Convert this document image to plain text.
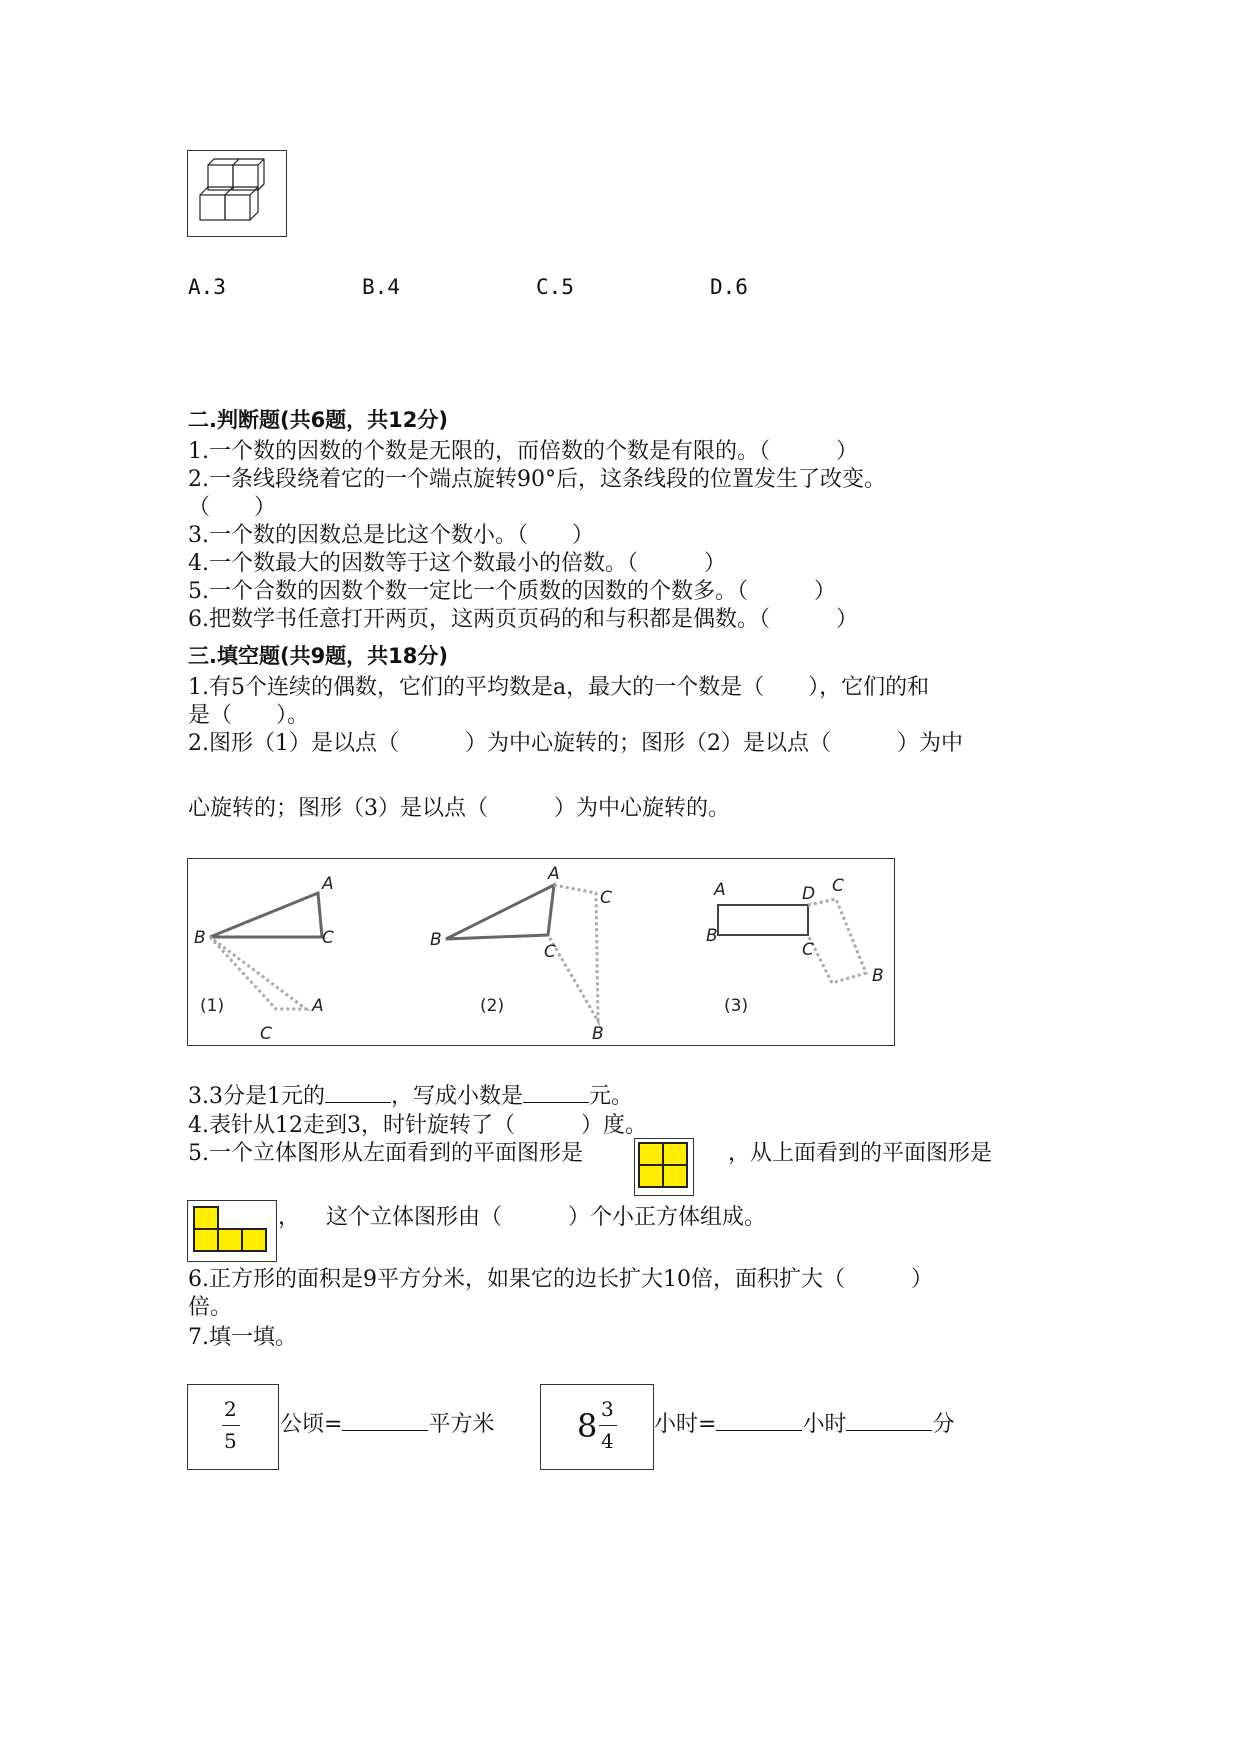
A.3	B.4	C.5	D.6
二.判断题(共6题，共12分)
1.一个数的因数的个数是无限的，而倍数的个数是有限的。（　　　）
2.一条线段绕着它的一个端点旋转90°后，这条线段的位置发生了改变。
（　　）
3.一个数的因数总是比这个数小。（　　）
4.一个数最大的因数等于这个数最小的倍数。（　　　）
5.一个合数的因数个数一定比一个质数的因数的个数多。（　　　）
6.把数学书任意打开两页，这两页页码的和与积都是偶数。（　　　）
三.填空题(共9题，共18分)
1.有5个连续的偶数，它们的平均数是a，最大的一个数是（　　），它们的和
是（　　）。
2.图形（1）是以点（　　　）为中心旋转的；图形（2）是以点（　　　）为中
心旋转的；图形（3）是以点（　　　）为中心旋转的。
A
B	C
A
C
(1)
A
C
B
C
B
(2)
A	D C
B
C
B
(3)
3.3分是1元的	，写成小数是	元。
4.表针从12走到3，时针旋转了（　　　）度。
5.一个立体图形从左面看到的平面图形是	，从上面看到的平面图形是
， 这个立体图形由（　　　）个小正方体组成。
6.正方形的面积是9平方分米，如果它的边长扩大10倍，面积扩大（　　　）
倍。
7.填一填。
2
5
公顷=	平方米	8 3
4
小时=	小时	分
